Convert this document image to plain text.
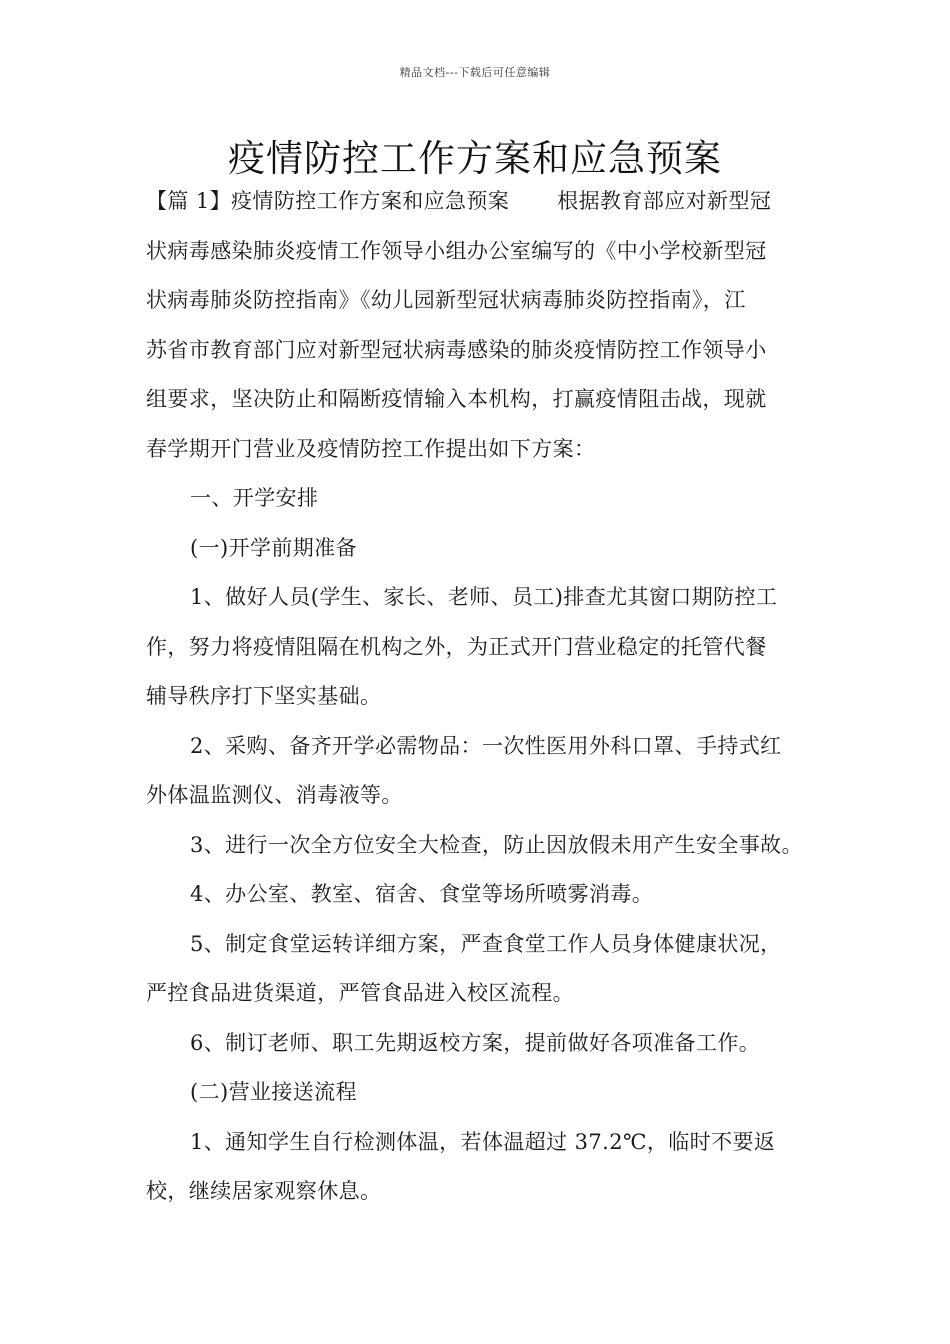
精品文档---下载后可任意编辑
疫情防控工作方案和应急预案

【篇 1】疫情防控工作方案和应急预案 根据教育部应对新型冠

状病毒感染肺炎疫情工作领导小组办公室编写的《中小学校新型冠

状病毒肺炎防控指南》《幼儿园新型冠状病毒肺炎防控指南》，江

苏省市教育部门应对新型冠状病毒感染的肺炎疫情防控工作领导小

组要求，坚决防止和隔断疫情输入本机构，打赢疫情阻击战，现就

春学期开门营业及疫情防控工作提出如下方案：

一、开学安排

(一)开学前期准备

1、做好人员(学生、家长、老师、员工)排查尤其窗口期防控工

作，努力将疫情阻隔在机构之外，为正式开门营业稳定的托管代餐

辅导秩序打下坚实基础。

2、采购、备齐开学必需物品：一次性医用外科口罩、手持式红

外体温监测仪、消毒液等。

3、进行一次全方位安全大检查，防止因放假未用产生安全事故。

4、办公室、教室、宿舍、食堂等场所喷雾消毒。

5、制定食堂运转详细方案，严查食堂工作人员身体健康状况，

严控食品进货渠道，严管食品进入校区流程。

6、制订老师、职工先期返校方案，提前做好各项准备工作。

(二)营业接送流程

1、通知学生自行检测体温，若体温超过 37.2℃，临时不要返

校，继续居家观察休息。
